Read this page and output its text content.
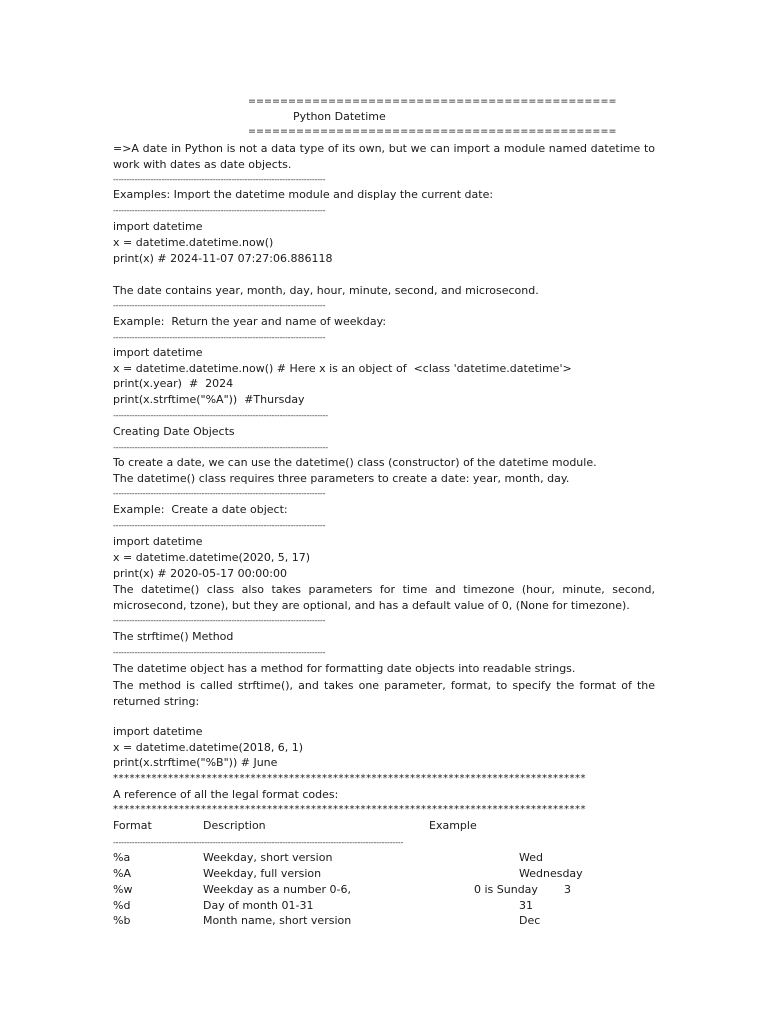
==============================================
Python Datetime
==============================================
=>A date in Python is not a data type of its own, but we can import a module named datetime to work with dates as date objects.
-------------------------------------------------------------------------------
Examples: Import the datetime module and display the current date:
-------------------------------------------------------------------------------
import datetime
x = datetime.datetime.now()
print(x) # 2024-11-07 07:27:06.886118
The date contains year, month, day, hour, minute, second, and microsecond.
-------------------------------------------------------------------------------
Example:  Return the year and name of weekday:
-------------------------------------------------------------------------------
import datetime
x = datetime.datetime.now() # Here x is an object of  <class 'datetime.datetime'>
print(x.year)  #  2024
print(x.strftime("%A"))  #Thursday
--------------------------------------------------------------------------------
Creating Date Objects
--------------------------------------------------------------------------------
To create a date, we can use the datetime() class (constructor) of the datetime module.
The datetime() class requires three parameters to create a date: year, month, day.
-------------------------------------------------------------------------------
Example:  Create a date object:
-------------------------------------------------------------------------------
import datetime
x = datetime.datetime(2020, 5, 17)
print(x) # 2020-05-17 00:00:00
The datetime() class also takes parameters for time and timezone (hour, minute, second, microsecond, tzone), but they are optional, and has a default value of 0, (None for timezone).
-------------------------------------------------------------------------------
The strftime() Method
-------------------------------------------------------------------------------
The datetime object has a method for formatting date objects into readable strings.
The method is called strftime(), and takes one parameter, format, to specify the format of the returned string:
import datetime
x = datetime.datetime(2018, 6, 1)
print(x.strftime("%B")) # June
**************************************************************************************
A reference of all the legal format codes:
**************************************************************************************
Format	Description	Example
------------------------------------------------------------------------------------------------------------
%a	Weekday, short version	Wed
%A	Weekday, full version	Wednesday
%w	Weekday as a number 0-6,	0 is Sunday 3
%d	Day of month 01-31	31
%b	Month name, short version	Dec
